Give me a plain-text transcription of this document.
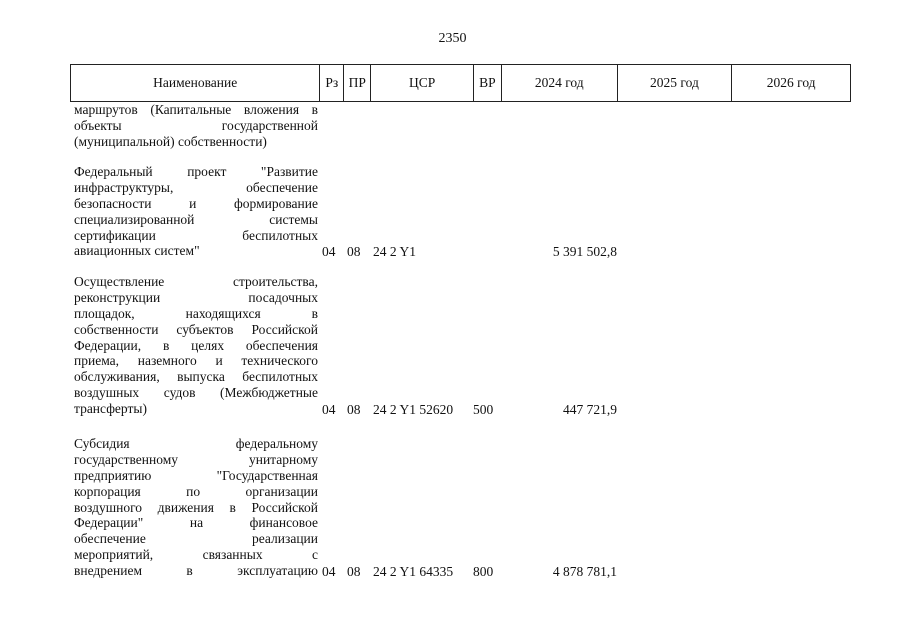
2350
Наименование	Рз ПР	ЦСР	ВР	2024 год	2025 год	2026 год
маршрутов (Капитальные вложения в
объекты государственной
(муниципальной) собственности)
Федеральный проект "Развитие
инфраструктуры, обеспечение
безопасности и формирование
специализированной системы
сертификации беспилотных
авиационных систем"	04 08 24 2 Y1	5 391 502,8
Осуществление строительства,
реконструкции посадочных
площадок, находящихся в
собственности субъектов Российской
Федерации, в целях обеспечения
приема, наземного и технического
обслуживания, выпуска беспилотных
воздушных судов (Межбюджетные
трансферты)	04 08 24 2 Y1 52620 500	447 721,9
Субсидия федеральному
государственному унитарному
предприятию "Государственная
корпорация по организации
воздушного движения в Российской
Федерации" на финансовое
обеспечение реализации
мероприятий, связанных с
внедрением в эксплуатацию 04 08 24 2 Y1 64335 800	4 878 781,1
